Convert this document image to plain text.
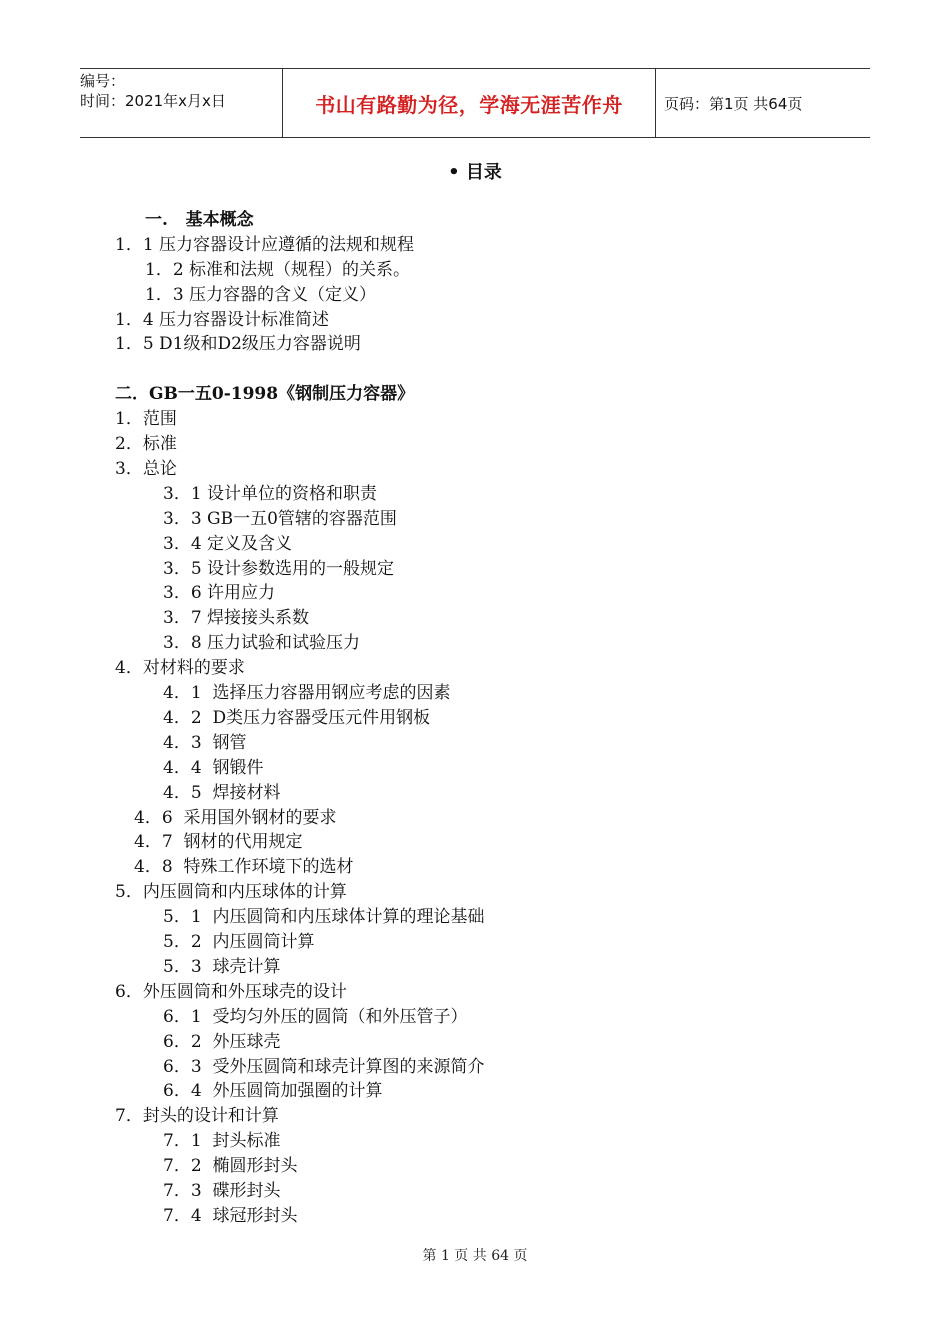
编号：
时间：2021年x月x日	书山有路勤为径，学海无涯苦作舟	页码：第1页 共64页
• 目录
一.   基本概念
1．1 压力容器设计应遵循的法规和规程
1．2 标准和法规（规程）的关系。
1．3 压力容器的含义（定义）
1．4 压力容器设计标准简述
1．5 D1级和D2级压力容器说明
二．GB一五0-1998《钢制压力容器》
1．范围
2．标准
3．总论
3．1 设计单位的资格和职责
3．3 GB一五0管辖的容器范围
3．4 定义及含义
3．5 设计参数选用的一般规定
3．6 许用应力
3．7 焊接接头系数
3．8 压力试验和试验压力
4．对材料的要求
4．1  选择压力容器用钢应考虑的因素
4．2  D类压力容器受压元件用钢板
4．3  钢管
4．4  钢锻件
4．5  焊接材料
4．6  采用国外钢材的要求
4．7  钢材的代用规定
4．8  特殊工作环境下的选材
5．内压圆筒和内压球体的计算
5．1  内压圆筒和内压球体计算的理论基础
5．2  内压圆筒计算
5．3  球壳计算
6．外压圆筒和外压球壳的设计
6．1  受均匀外压的圆筒（和外压管子）
6．2  外压球壳
6．3  受外压圆筒和球壳计算图的来源简介
6．4  外压圆筒加强圈的计算
7．封头的设计和计算
7．1  封头标准
7．2  椭圆形封头
7．3  碟形封头
7．4  球冠形封头
第 1 页 共 64 页
